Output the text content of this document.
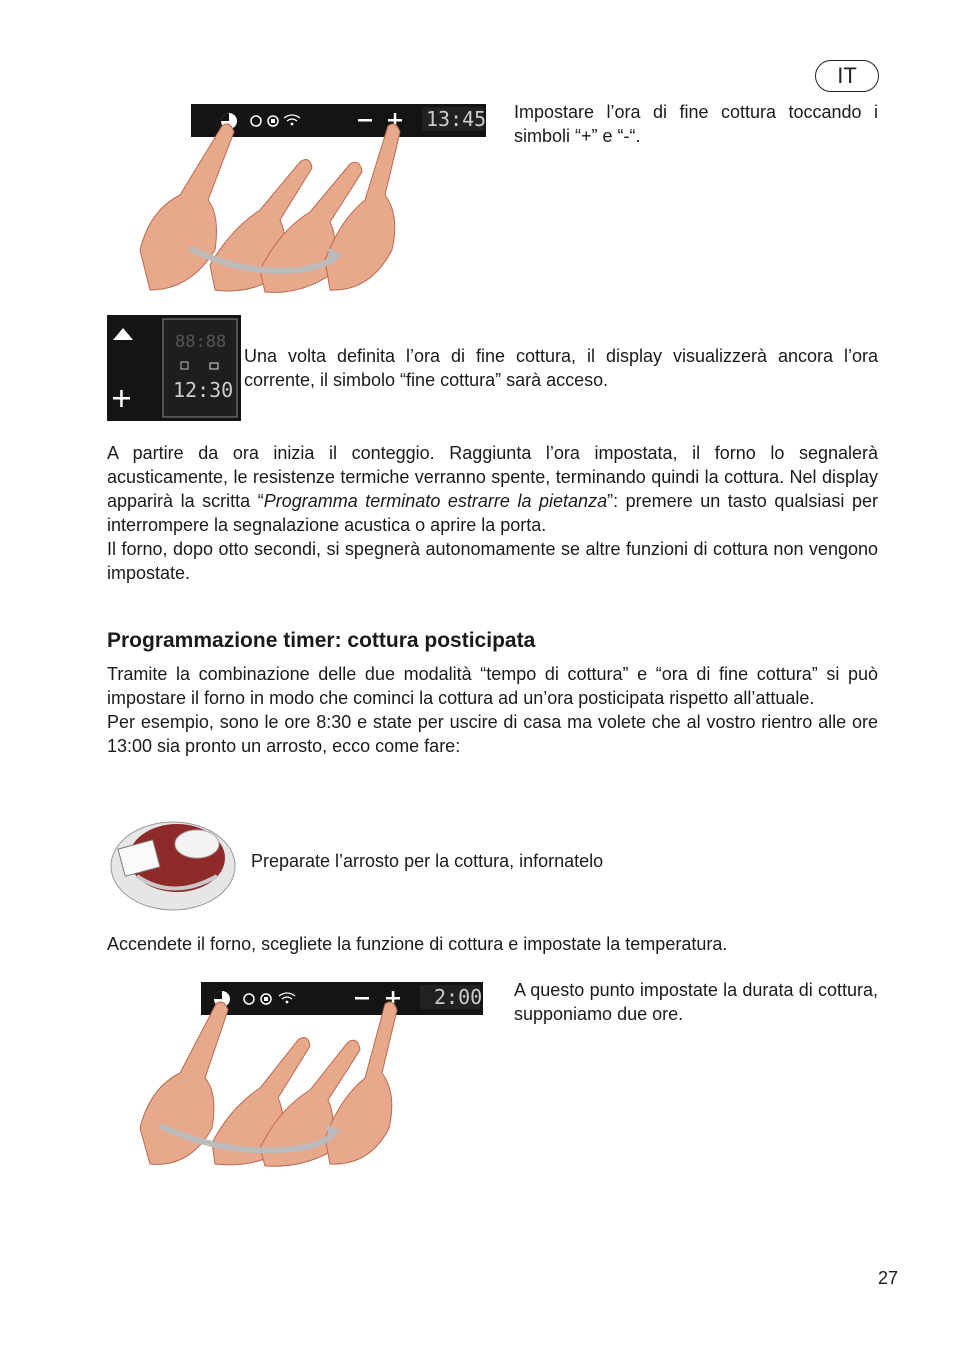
IT
13:45 Impostare l’ora di fine cottura toccando i simboli “+” e “-“.

88:88
12:30

Una volta definita l’ora di fine cottura, il display visualizzerà ancora l’ora corrente, il simbolo “fine cottura” sarà acceso.

A partire da ora inizia il conteggio. Raggiunta l’ora impostata, il forno lo segnalerà acusticamente, le resistenze termiche verranno spente, terminando quindi la cottura. Nel display apparirà la scritta “Programma terminato estrarre la pietanza”: premere un tasto qualsiasi per interrompere la segnalazione acustica o aprire la porta.

Il forno, dopo otto secondi, si spegnerà autonomamente se altre funzioni di cottura non vengono impostate.

Programmazione timer: cottura posticipata

Tramite la combinazione delle due modalità “tempo di cottura” e “ora di fine cottura” si può impostare il forno in modo che cominci la cottura ad un’ora posticipata rispetto all’attuale.

Per esempio, sono le ore 8:30 e state per uscire di casa ma volete che al vostro rientro alle ore 13:00 sia pronto un arrosto, ecco come fare:

Preparate l’arrosto per la cottura, infornatelo

Accendete il forno, scegliete la funzione di cottura e impostate la temperatura.

2:00 A questo punto impostate la durata di cottura, supponiamo due ore.

27
